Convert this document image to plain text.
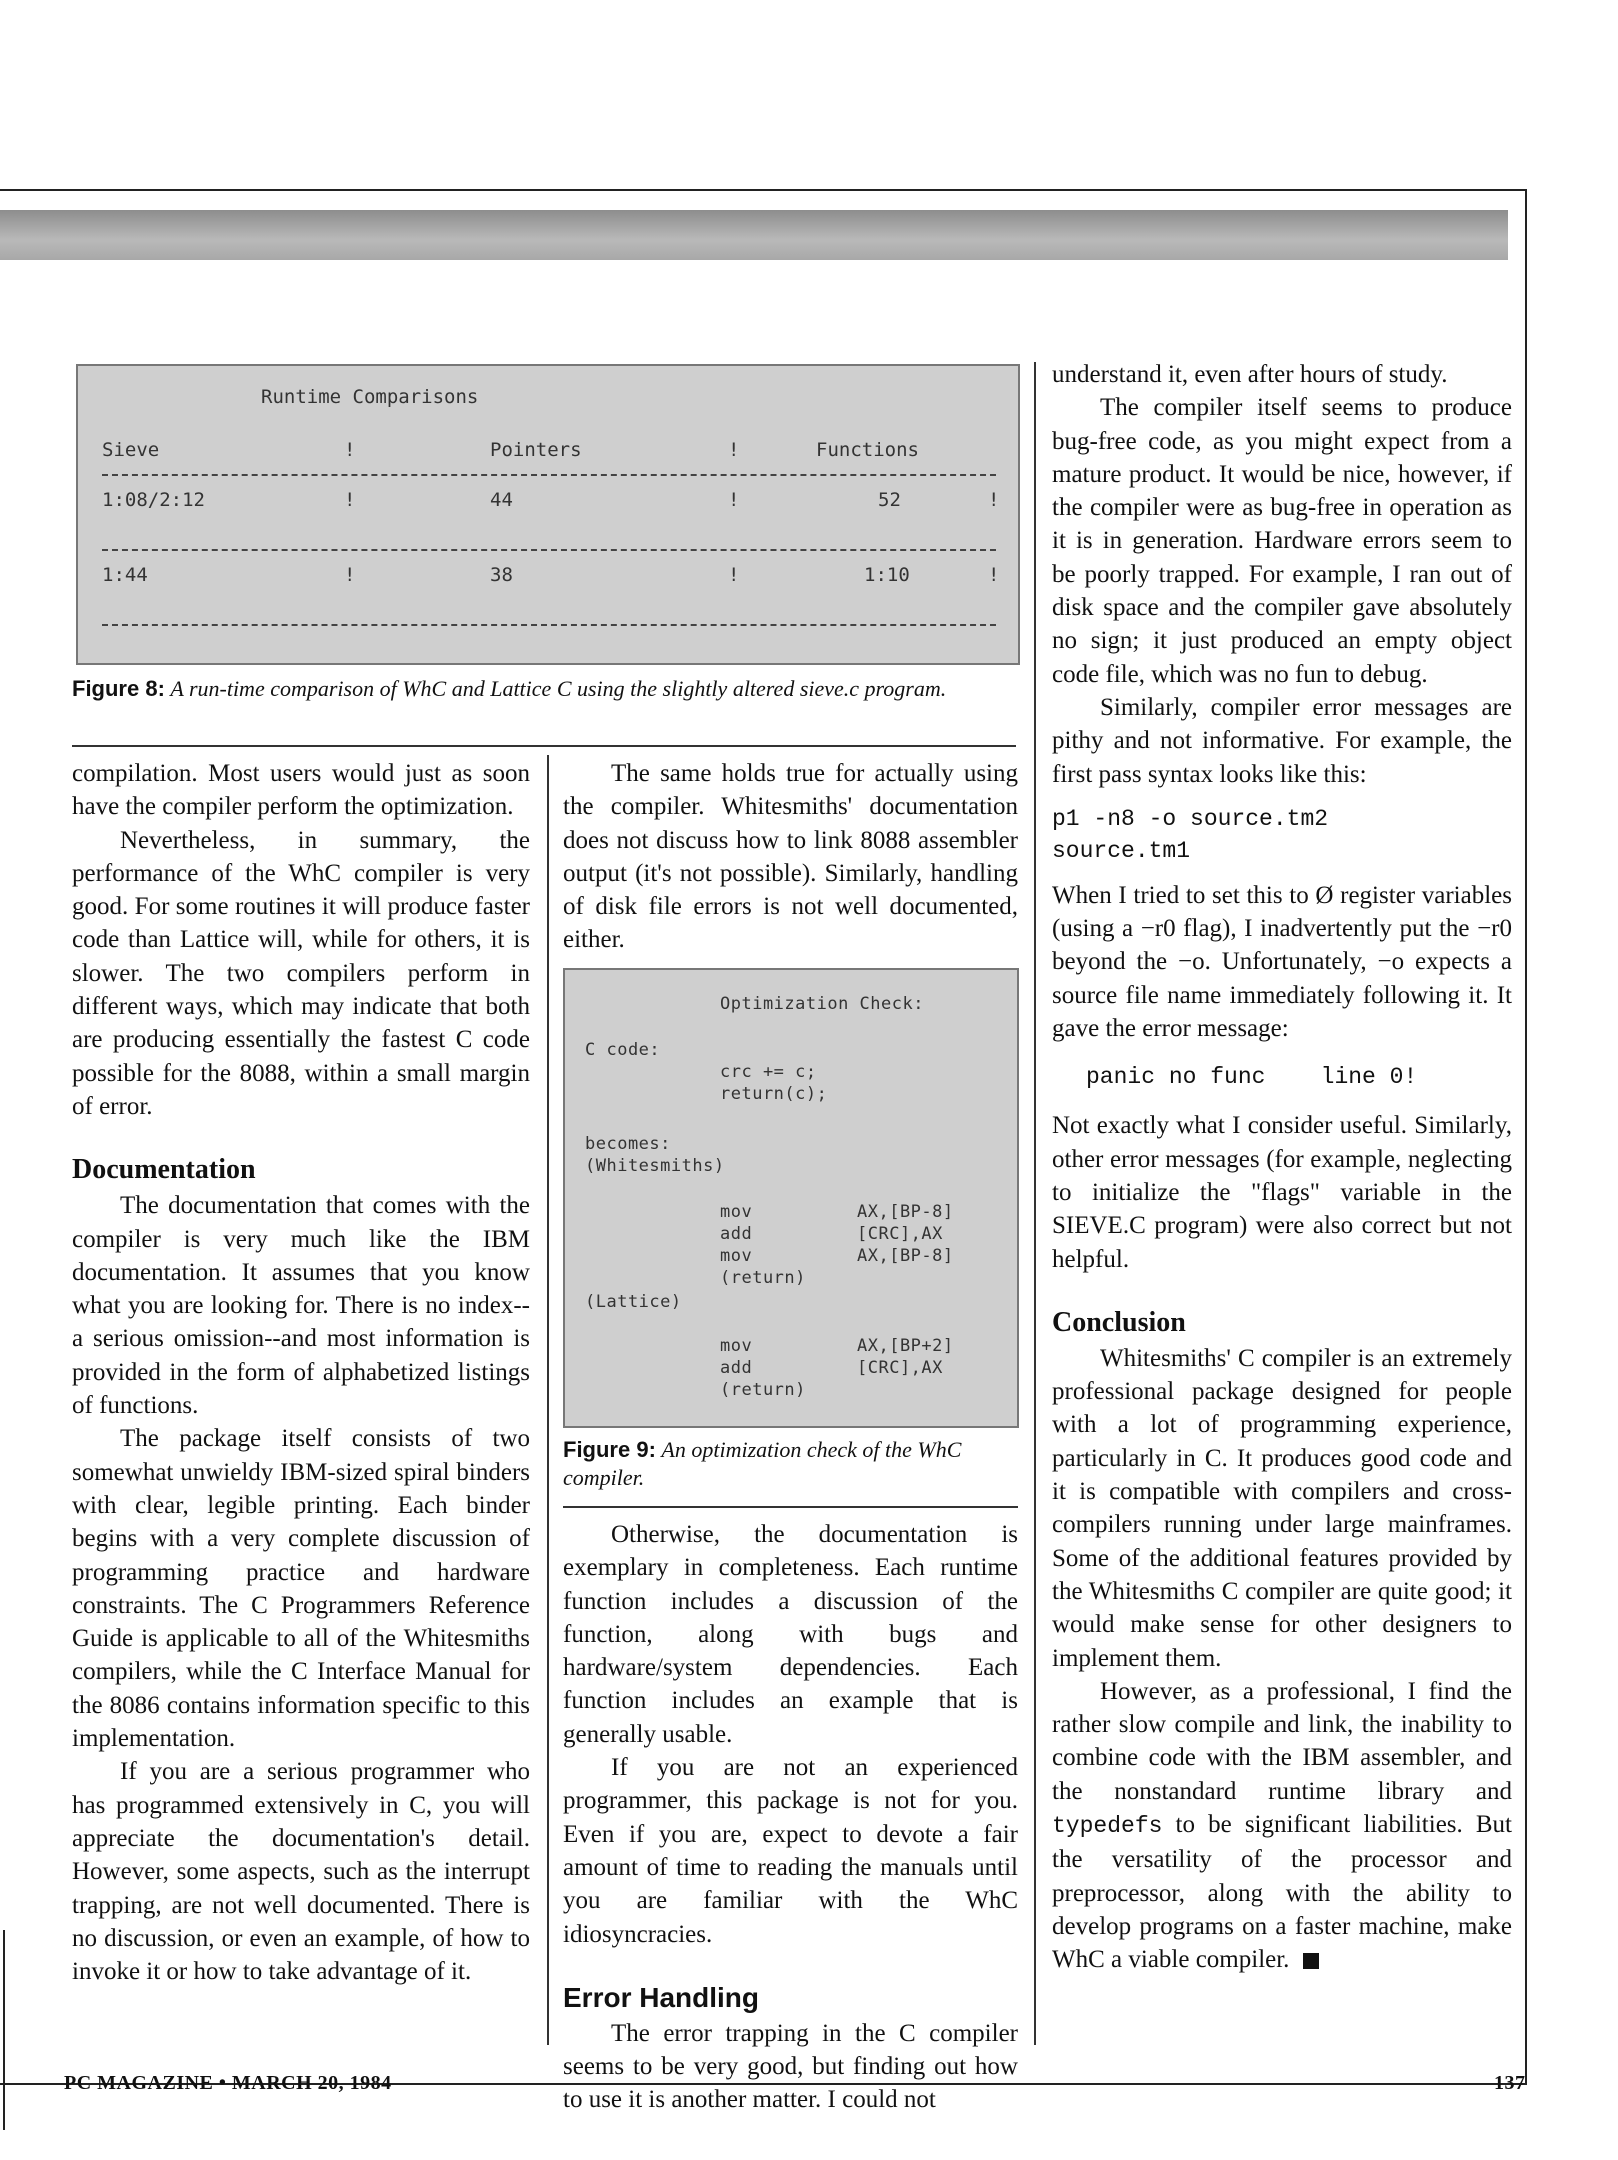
Runtime Comparisons
Sieve	!	Pointers	!	Functions
1:08/2:12	!	44	!	52	!
1:44	!	38	!	1:10	!
Figure 8: A run-time comparison of WhC and Lattice C using the slightly altered sieve.c program.

compilation. Most users would just as soon have the compiler perform the optimization.

Nevertheless, in summary, the performance of the WhC compiler is very good. For some routines it will produce faster code than Lattice will, while for others, it is slower. The two compilers perform in different ways, which may indicate that both are producing essentially the fastest C code possible for the 8088, within a small margin of error.

Documentation

The documentation that comes with the compiler is very much like the IBM documentation. It assumes that you know what you are looking for. There is no index--a serious omission--and most information is provided in the form of alphabetized listings of functions.

The package itself consists of two somewhat unwieldy IBM-sized spiral binders with clear, legible printing. Each binder begins with a very complete discussion of programming practice and hardware constraints. The C Programmers Reference Guide is applicable to all of the Whitesmiths compilers, while the C Interface Manual for the 8086 contains information specific to this implementation.

If you are a serious programmer who has programmed extensively in C, you will appreciate the documentation's detail. However, some aspects, such as the interrupt trapping, are not well documented. There is no discussion, or even an example, of how to invoke it or how to take advantage of it.

The same holds true for actually using the compiler. Whitesmiths' documentation does not discuss how to link 8088 assembler output (it's not possible). Similarly, handling of disk file errors is not well documented, either.

Optimization Check:
C code:
crc += c;
return(c);
becomes:
(Whitesmiths)
mov	AX,[BP-8]
add	[CRC],AX
mov	AX,[BP-8]
(return)
(Lattice)
mov	AX,[BP+2]
add	[CRC],AX
(return)
Figure 9: An optimization check of the WhC compiler.

Otherwise, the documentation is exemplary in completeness. Each runtime function includes a discussion of the function, along with bugs and hardware/system dependencies. Each function includes an example that is generally usable.

If you are not an experienced programmer, this package is not for you. Even if you are, expect to devote a fair amount of time to reading the manuals until you are familiar with the WhC idiosyncracies.

Error Handling

The error trapping in the C compiler seems to be very good, but finding out how to use it is another matter. I could not

understand it, even after hours of study.

The compiler itself seems to produce bug-free code, as you might expect from a mature product. It would be nice, however, if the compiler were as bug-free in operation as it is in generation. Hardware errors seem to be poorly trapped. For example, I ran out of disk space and the compiler gave absolutely no sign; it just produced an empty object code file, which was no fun to debug.

Similarly, compiler error messages are pithy and not informative. For example, the first pass syntax looks like this:

p1 -n8 -o source.tm2
source.tm1

When I tried to set this to Ø register variables (using a −r0 flag), I inadvertently put the −r0 beyond the −o. Unfortunately, −o expects a source file name immediately following it. It gave the error message:

panic no func    line 0!

Not exactly what I consider useful. Similarly, other error messages (for example, neglecting to initialize the "flags" variable in the SIEVE.C program) were also correct but not helpful.

Conclusion

Whitesmiths' C compiler is an extremely professional package designed for people with a lot of programming experience, particularly in C. It produces good code and it is compatible with compilers and cross-compilers running under large mainframes. Some of the additional features provided by the Whitesmiths C compiler are quite good; it would make sense for other designers to implement them.

However, as a professional, I find the rather slow compile and link, the inability to combine code with the IBM assembler, and the nonstandard runtime library and typedefs to be significant liabilities. But the versatility of the processor and preprocessor, along with the ability to develop programs on a faster machine, make WhC a viable compiler.

PC MAGAZINE • MARCH 20, 1984	137
